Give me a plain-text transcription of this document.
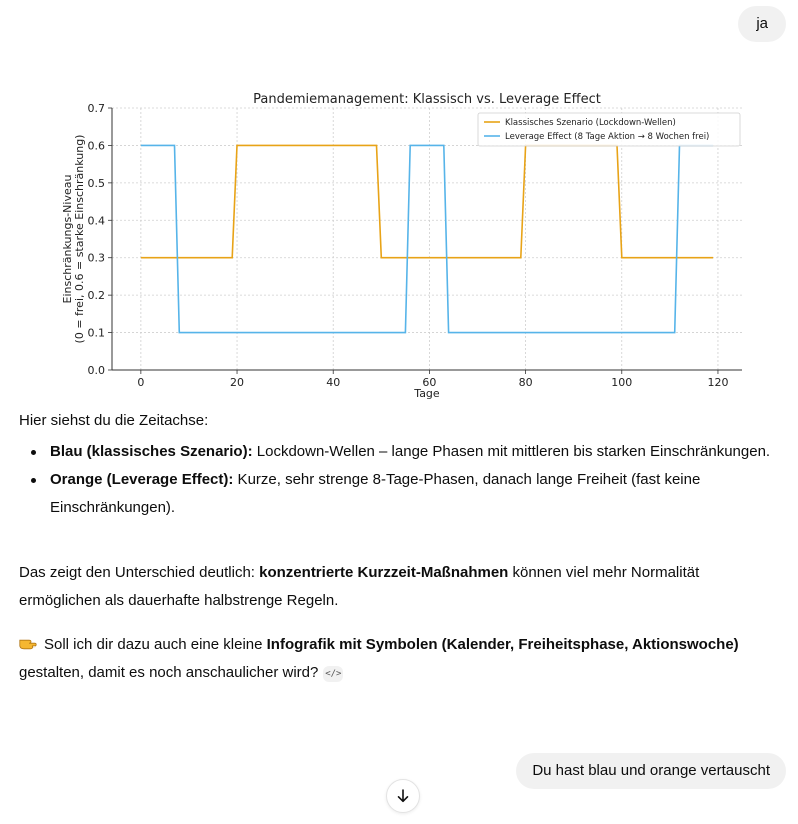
ja
0.0
0.1
0.2
0.3
0.4
0.5
0.6
0.7
0	20	40	60	80	100	120
Klassisches Szenario (Lockdown-Wellen)
Leverage Effect (8 Tage Aktion → 8 Wochen frei)
Pandemiemanagement: Klassisch vs. Leverage Effect
Tage
Einschränkungs-Niveau (0 = frei, 0.6 = starke Einschränkung)
Hier siehst du die Zeitachse:
Blau (klassisches Szenario): Lockdown-Wellen – lange Phasen mit mittleren bis starken Einschränkungen.
Orange (Leverage Effect): Kurze, sehr strenge 8-Tage-Phasen, danach lange Freiheit (fast keine Einschränkungen).
Das zeigt den Unterschied deutlich: konzentrierte Kurzzeit-Maßnahmen können viel mehr Normalität ermöglichen als dauerhafte halbstrenge Regeln.
Soll ich dir dazu auch eine kleine Infografik mit Symbolen (Kalender, Freiheitsphase, Aktionswoche) gestalten, damit es noch anschaulicher wird? </>
Du hast blau und orange vertauscht
